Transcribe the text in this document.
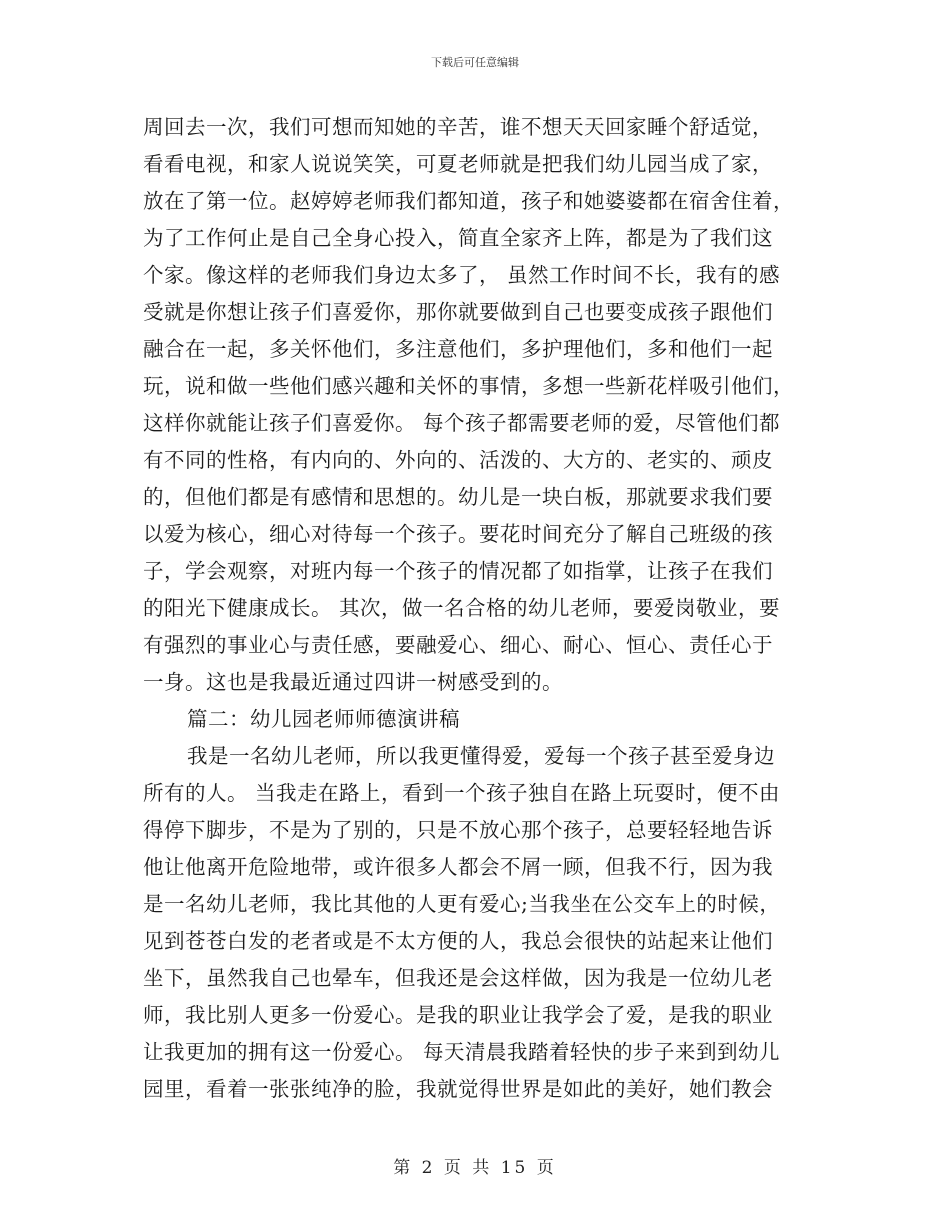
下载后可任意编辑
周回去一次，我们可想而知她的辛苦，谁不想天天回家睡个舒适觉，
看看电视，和家人说说笑笑，可夏老师就是把我们幼儿园当成了家，
放在了第一位。赵婷婷老师我们都知道，孩子和她婆婆都在宿舍住着，
为了工作何止是自己全身心投入，简直全家齐上阵，都是为了我们这
个家。像这样的老师我们身边太多了， 虽然工作时间不长，我有的感
受就是你想让孩子们喜爱你，那你就要做到自己也要变成孩子跟他们
融合在一起，多关怀他们，多注意他们，多护理他们，多和他们一起
玩，说和做一些他们感兴趣和关怀的事情，多想一些新花样吸引他们，
这样你就能让孩子们喜爱你。 每个孩子都需要老师的爱，尽管他们都
有不同的性格，有内向的、外向的、活泼的、大方的、老实的、顽皮
的，但他们都是有感情和思想的。幼儿是一块白板，那就要求我们要
以爱为核心，细心对待每一个孩子。要花时间充分了解自己班级的孩
子，学会观察，对班内每一个孩子的情况都了如指掌，让孩子在我们
的阳光下健康成长。 其次，做一名合格的幼儿老师，要爱岗敬业，要
有强烈的事业心与责任感，要融爱心、细心、耐心、恒心、责任心于
一身。这也是我最近通过四讲一树感受到的。
篇二：幼儿园老师师德演讲稿
我是一名幼儿老师，所以我更懂得爱，爱每一个孩子甚至爱身边
所有的人。 当我走在路上，看到一个孩子独自在路上玩耍时，便不由
得停下脚步，不是为了别的，只是不放心那个孩子，总要轻轻地告诉
他让他离开危险地带，或许很多人都会不屑一顾，但我不行，因为我
是一名幼儿老师，我比其他的人更有爱心;当我坐在公交车上的时候，
见到苍苍白发的老者或是不太方便的人，我总会很快的站起来让他们
坐下，虽然我自己也晕车，但我还是会这样做，因为我是一位幼儿老
师，我比别人更多一份爱心。是我的职业让我学会了爱，是我的职业
让我更加的拥有这一份爱心。 每天清晨我踏着轻快的步子来到到幼儿
园里，看着一张张纯净的脸，我就觉得世界是如此的美好，她们教会
第 2 页 共 15 页
